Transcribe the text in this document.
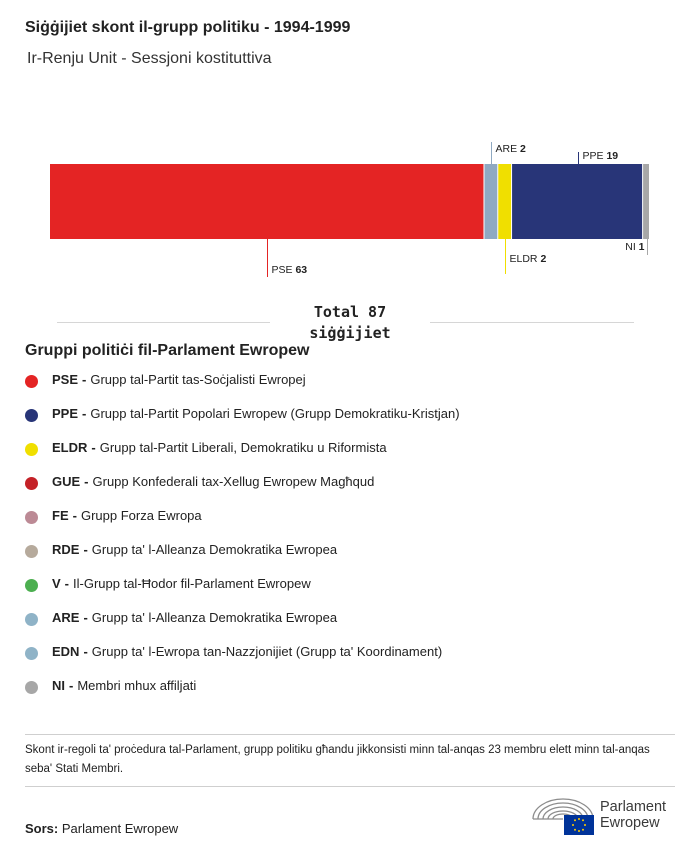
Siġġijiet skont il-grupp politiku - 1994-1999
Ir-Renju Unit - Sessjoni kostituttiva
PSE 63
ARE 2
ELDR 2
PPE 19
NI 1
Total 87
siġġijiet
Gruppi politiċi fil-Parlament Ewropew
PSE - Grupp tal-Partit tas-Soċjalisti Ewropej
PPE - Grupp tal-Partit Popolari Ewropew (Grupp Demokratiku-Kristjan)
ELDR - Grupp tal-Partit Liberali, Demokratiku u Riformista
GUE - Grupp Konfederali tax-Xellug Ewropew Magħqud
FE - Grupp Forza Ewropa
RDE - Grupp ta' l-Alleanza Demokratika Ewropea
V - Il-Grupp tal-Ħodor fil-Parlament Ewropew
ARE - Grupp ta' l-Alleanza Demokratika Ewropea
EDN - Grupp ta' l-Ewropa tan-Nazzjonijiet (Grupp ta' Koordinament)
NI - Membri mhux affiljati
Skont ir-regoli ta' proċedura tal-Parlament, grupp politiku għandu jikkonsisti minn tal-anqas 23 membru elett minn tal-anqas seba' Stati Membri.
Sors: Parlament Ewropew
Parlament
Ewropew
